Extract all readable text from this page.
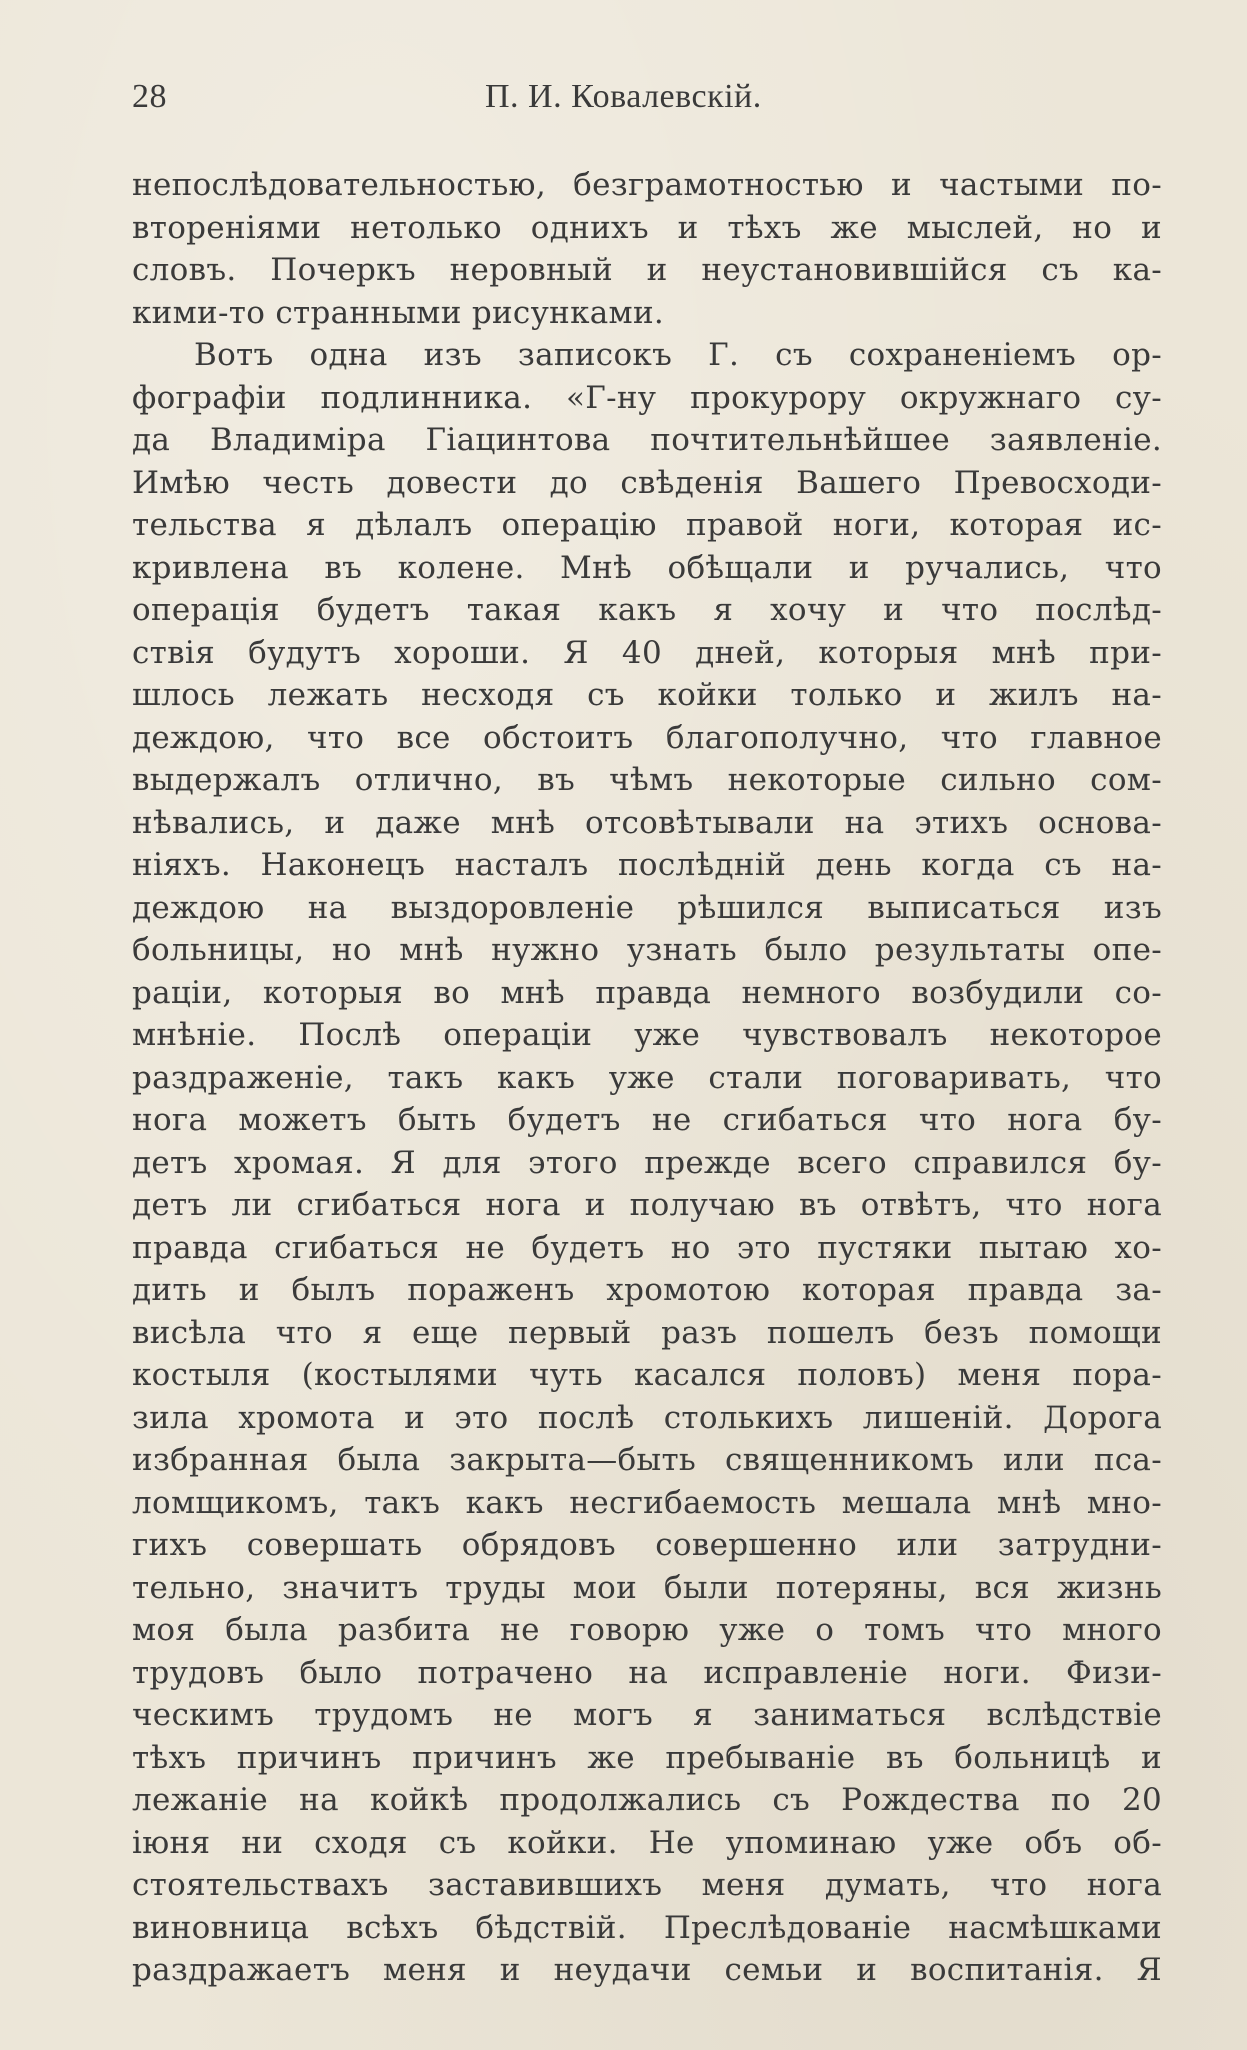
28	П. И. Ковалевскій.
непослѣдовательностью, безграмотностью и частыми по-
втореніями нетолько однихъ и тѣхъ же мыслей, но и
словъ. Почеркъ неровный и неустановившійся съ ка-
кими-то странными рисунками.
Вотъ одна изъ записокъ Г. съ сохраненіемъ ор-
фографіи подлинника. «Г-ну прокурору окружнаго су-
да Владиміра Гіацинтова почтительнѣйшее заявленіе.
Имѣю честь довести до свѣденія Вашего Превосходи-
тельства я дѣлалъ операцію правой ноги, которая ис-
кривлена въ колене. Мнѣ обѣщали и ручались, что
операція будетъ такая какъ я хочу и что послѣд-
ствія будутъ хороши. Я 40 дней, которыя мнѣ при-
шлось лежать несходя съ койки только и жилъ на-
деждою, что все обстоитъ благополучно, что главное
выдержалъ отлично, въ чѣмъ некоторые сильно сом-
нѣвались, и даже мнѣ отсовѣтывали на этихъ основа-
ніяхъ. Наконецъ насталъ послѣдній день когда съ на-
деждою на выздоровленіе рѣшился выписаться изъ
больницы, но мнѣ нужно узнать было результаты опе-
раціи, которыя во мнѣ правда немного возбудили со-
мнѣніе. Послѣ операціи уже чувствовалъ некоторое
раздраженіе, такъ какъ уже стали поговаривать, что
нога можетъ быть будетъ не сгибаться что нога бу-
детъ хромая. Я для этого прежде всего справился бу-
детъ ли сгибаться нога и получаю въ отвѣтъ, что нога
правда сгибаться не будетъ но это пустяки пытаю хо-
дить и былъ пораженъ хромотою которая правда за-
висѣла что я еще первый разъ пошелъ безъ помощи
костыля (костылями чуть касался половъ) меня пора-
зила хромота и это послѣ столькихъ лишеній. Дорога
избранная была закрыта—быть священникомъ или пса-
ломщикомъ, такъ какъ несгибаемость мешала мнѣ мно-
гихъ совершать обрядовъ совершенно или затрудни-
тельно, значитъ труды мои были потеряны, вся жизнь
моя была разбита не говорю уже о томъ что много
трудовъ было потрачено на исправленіе ноги. Физи-
ческимъ трудомъ не могъ я заниматься вслѣдствіе
тѣхъ причинъ причинъ же пребываніе въ больницѣ и
лежаніе на койкѣ продолжались съ Рождества по 20
іюня ни сходя съ койки. Не упоминаю уже объ об-
стоятельствахъ заставившихъ меня думать, что нога
виновница всѣхъ бѣдствій. Преслѣдованіе насмѣшками
раздражаетъ меня и неудачи семьи и воспитанія. Я
